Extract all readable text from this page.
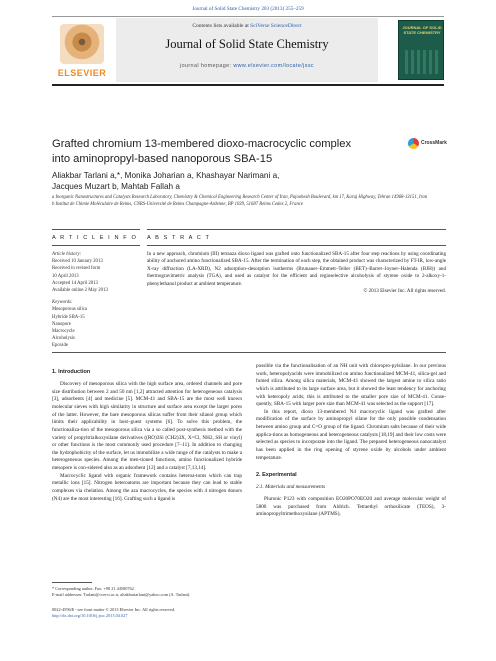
Journal of Solid State Chemistry 203 (2013) 255–259
ELSEVIER
Contents lists available at SciVerse ScienceDirect
Journal of Solid State Chemistry
journal homepage: www.elsevier.com/locate/jssc
JOURNAL OF SOLID STATE CHEMISTRY
Grafted chromium 13-membered dioxo-macrocyclic complex into aminopropyl-based nanoporous SBA-15
CrossMark
Aliakbar Tarlani a,*, Monika Joharian a, Khashayar Narimani a,
Jacques Muzart b, Mahtab Fallah a
a Inorganic Nanostructures and Catalysts Research Laboratory, Chemistry & Chemical Engineering Research Center of Iran, Pajoohesh Boulevard, km 17, Karaj Highway, Tehran 14968-13151, Iran
b Institut de Chimie Moléculaire de Reims, CNRS-Université de Reims Champagne-Ardenne, BP 1039, 51687 Reims Cedex 2, France
A R T I C L E I N F O A B S T R A C T
Article history:
Received 10 January 2013
Received in revised form
10 April 2013
Accepted 14 April 2013
Available online 2 May 2013
Keywords:
Mesoporous silica
Hybride SBA-15
Nanopore
Macrocycle
Alcoholysis
Epoxide
In a new approach, chromium (III) tetraaza dioxo ligand was grafted onto functionalized SBA-15 after four step reactions by using coordinating ability of anchored amino functionalized SBA-15. After the termination of each step, the obtained product was characterized by FT-IR, low-angle X-ray diffraction (LA-XRD), N2 adsorption–desorption isotherms (Brunauer–Emmett–Teller (BET)–Barret–Joyner–Halenda (BJH)) and thermogravimetric analysis (TGA), and used as catalyst for the efficient and regioselective alcoholysis of styrene oxide to 2-alkoxy-1-phenylethanol product at ambient temperature.
© 2013 Elsevier Inc. All rights reserved.
1. Introduction

Discovery of mesoporous silica with the high surface area, ordered channels and pore size distribution between 2 and 50 nm [1,2] attracted attention for heterogeneous catalysis [3], adsorbents [4] and medicine [5]. MCM-41 and SBA-15 are the most well known molecular sieves with high similarity in structure and surface area except the larger pores of the latter. However, the bare mesoporous silicas suffer from their silanol group which limits their applicability in host–guest systems [6]. To solve this problem, the functionaliza-tion of the mesoporous silica via a so called post-synthesis method with the variety of propyltrialkoxysilane derivatives ((RO)3Si (CH2)3X, X=Cl, NH2, SH or vinyl) or other functions is the most commonly used procedure [7–11]. In addition to changing the hydrophobicity of the surface, let us immobilize a wide range of the catalysts to make a heterogeneous species. Among the men-tioned functions, amino functionalized hybride mesopore is con-sidered also as an adsorbent [12] and a catalyst [7,13,14].

Macrocyclic ligand with organic framework contains heteroa-toms which can trap metallic ions [15]. Nitrogen heteroatoms are important because they can lead to stable complexes via chelation. Among the aza macrocycles, the species with 4 nitrogen donors (N4) are the most interesting [16]. Grafting such a ligand is

possible via the functionalisation of an NH unit with chloropro-pylsilane. In our previous work, heteropolyacids were immobilized on amino functionalized MCM-41, silica-gel and fumed silica. Among silica materials, MCM-41 showed the largest amine to silica ratio which is attributed to its large surface area, but it showed the least tendency for anchoring with heteropoly acids; this is attributed to the smaller pore size of MCM-41. Conse-quently, SBA-15 with larger pore size than MCM-41 was selected as the support [17].

In this report, dioxo 13-membered N4 macrocyclic ligand was grafted after modification of the surface by aminopropyl silane for the only possible condensation between amino group and C=O group of the ligand. Chromium salts because of their wide applica-tions as homogeneous and heterogeneous catalysts [18,19] and their low costs were selected as species to incorporate into the ligand. The prepared heterogeneous nanocatalyst has been applied in the ring opening of styrene oxide by alcohols under ambient temperature.

2. Experimental
2.1. Materials and measurements

Pluronic P123 with composition EO20PO70EO20 and average molecular weight of 5800 was purchased from Aldrich. Tetraethyl orthosilicate (TEOS), 3-aminopropyltrimethoxysilane (APTMS),

* Corresponding author. Fax: +98 21 44580762.
E-mail addresses: Tarlani@ccerci.ac.ir, aliakbartarlani@yahoo.com (A. Tarlani).
0022-4596/$ - see front matter © 2013 Elsevier Inc. All rights reserved.
http://dx.doi.org/10.1016/j.jssc.2013.04.027
